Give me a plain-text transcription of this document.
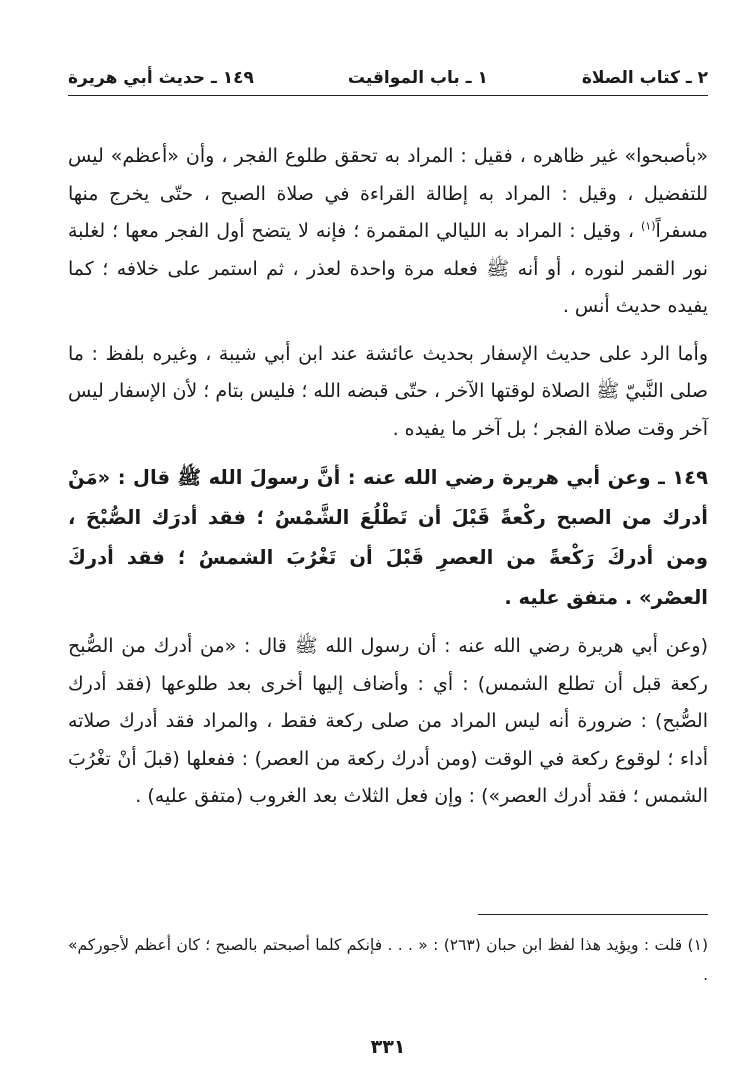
٢ ـ كتاب الصلاة
١ ـ باب المواقيت
١٤٩ ـ حديث أبي هريرة

«بأصبحوا» غير ظاهره ، فقيل : المراد به تحقق طلوع الفجر ، وأن «أعظم» ليس للتفضيل ، وقيل : المراد به إطالة القراءة في صلاة الصبح ، حتّى يخرج منها مسفراً$^{(١)}$ ، وقيل : المراد به الليالي المقمرة ؛ فإنه لا يتضح أول الفجر معها ؛ لغلبة نور القمر لنوره ، أو أنه ﷺ فعله مرة واحدة لعذر ، ثم استمر على خلافه ؛ كما يفيده حديث أنس .

وأما الرد على حديث الإسفار بحديث عائشة عند ابن أبي شيبة ، وغيره بلفظ : ما صلى النَّبيّ ﷺ الصلاة لوقتها الآخر ، حتّى قبضه الله ؛ فليس بتام ؛ لأن الإسفار ليس آخر وقت صلاة الفجر ؛ بل آخر ما يفيده .

١٤٩ ـ وعن أبي هريرة رضي الله عنه : أنَّ رسولَ الله ﷺ قال : «مَنْ أدرك من الصبح ركْعةً قَبْلَ أن تَطْلُعَ الشَّمْسُ ؛ فقد أدرَك الصُّبْحَ ، ومن أدركَ رَكْعةً من العصرِ قَبْلَ أن تَغْرُبَ الشمسُ ؛ فقد أدركَ العصْر» . متفق عليه .

(وعن أبي هريرة رضي الله عنه : أن رسول الله ﷺ قال : «من أدرك من الصُّبح ركعة قبل أن تطلع الشمس) : أي : وأضاف إليها أخرى بعد طلوعها (فقد أدرك الصُّبح) : ضرورة أنه ليس المراد من صلى ركعة فقط ، والمراد فقد أدرك صلاته أداء ؛ لوقوع ركعة في الوقت (ومن أدرك ركعة من العصر) : ففعلها (قبلَ أنْ تغْرُبَ الشمس ؛ فقد أدرك العصر») : وإن فعل الثلاث بعد الغروب (متفق عليه) .

(١) قلت : ويؤيد هذا لفظ ابن حبان (٢٦٣) : « . . . فإنكم كلما أصبحتم بالصبح ؛ كان أعظم لأجوركم» .
٣٣١
